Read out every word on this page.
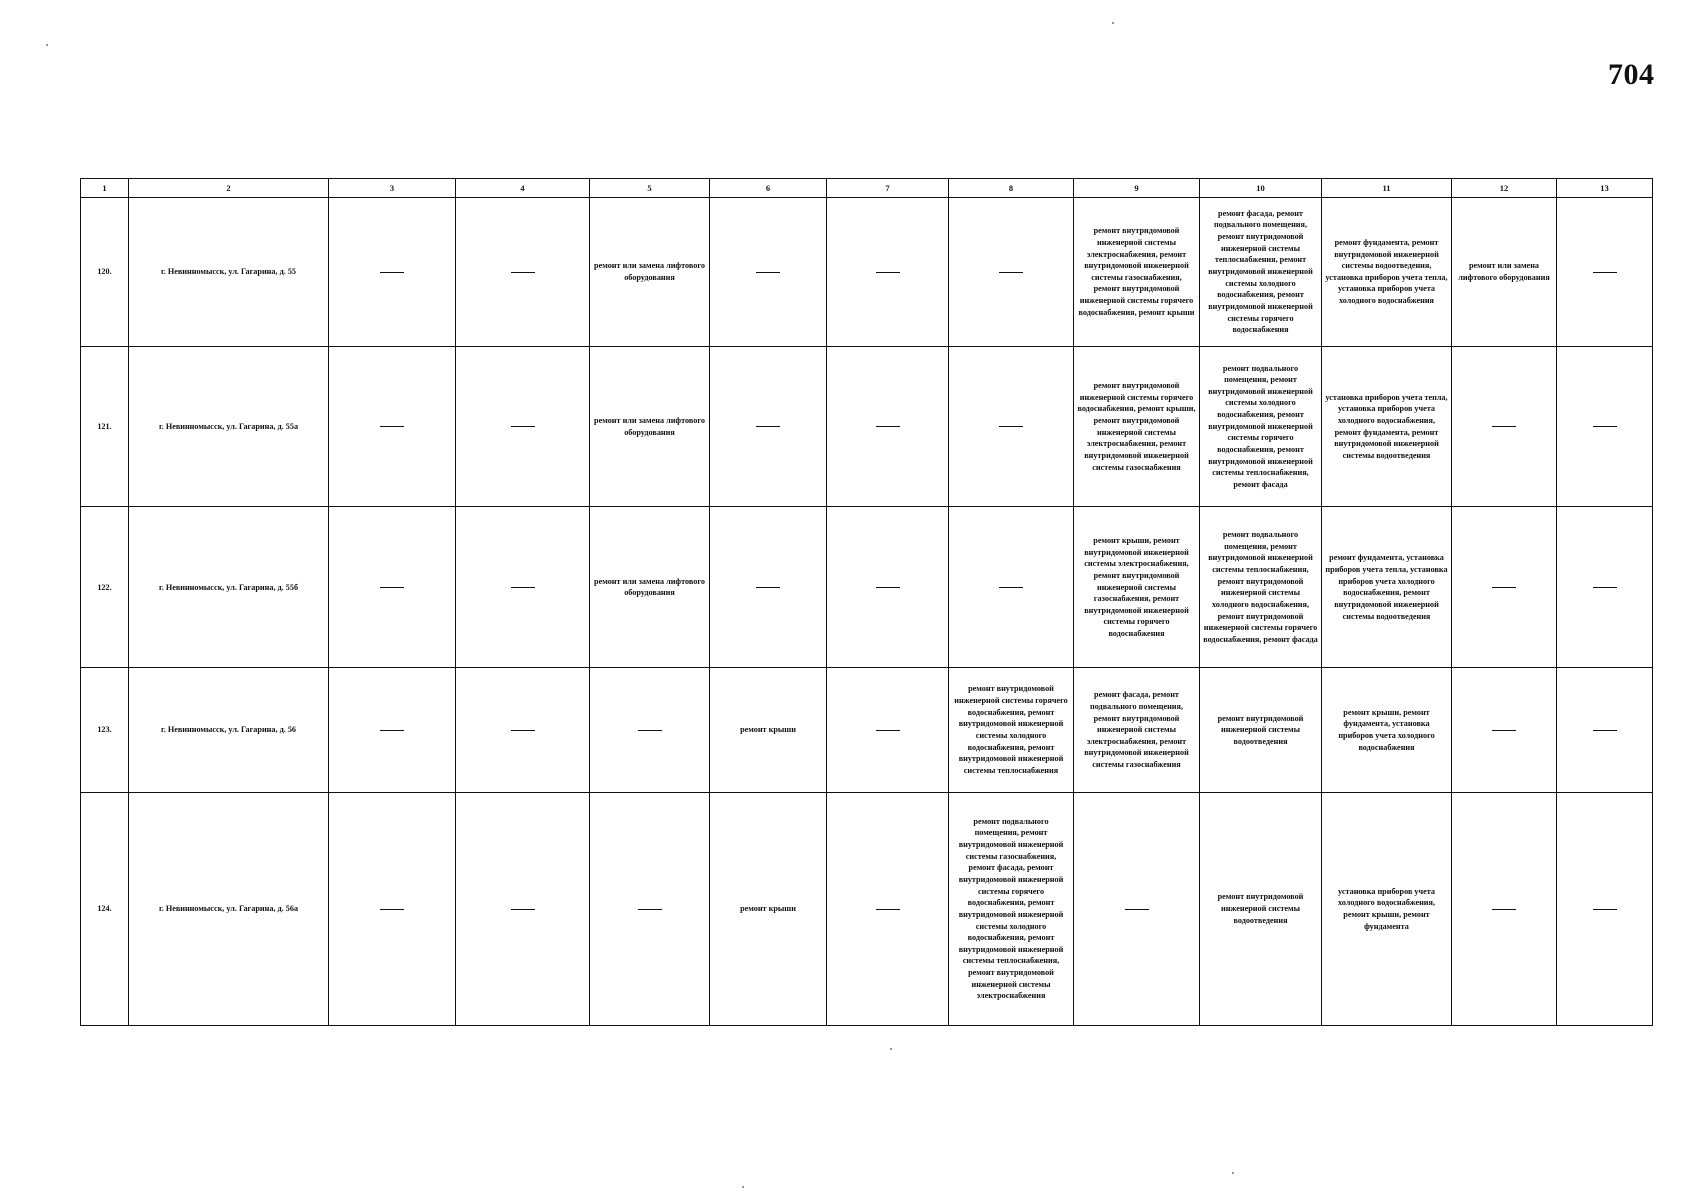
704
1	2	3	4	5	6	7	8	9	10	11	12	13
120.	г. Невинномысск, ул. Гагарина, д. 55			ремонт или замена лифтового оборудования				ремонт внутридомовой инженерной системы электроснабжения, ремонт внутридомовой инженерной системы газоснабжения, ремонт внутридомовой инженерной системы горячего водоснабжения, ремонт крыши	ремонт фасада, ремонт подвального помещения, ремонт внутридомовой инженерной системы теплоснабжения, ремонт внутридомовой инженерной системы холодного водоснабжения, ремонт внутридомовой инженерной системы горячего водоснабжения	ремонт фундамента, ремонт внутридомовой инженерной системы водоотведения, установка приборов учета тепла, установка приборов учета холодного водоснабжения	ремонт или замена лифтового оборудования	
121.	г. Невинномысск, ул. Гагарина, д. 55а			ремонт или замена лифтового оборудования				ремонт внутридомовой инженерной системы горячего водоснабжения, ремонт крыши, ремонт внутридомовой инженерной системы электроснабжения, ремонт внутридомовой инженерной системы газоснабжения	ремонт подвального помещения, ремонт внутридомовой инженерной системы холодного водоснабжения, ремонт внутридомовой инженерной системы горячего водоснабжения, ремонт внутридомовой инженерной системы теплоснабжения, ремонт фасада	установка приборов учета тепла, установка приборов учета холодного водоснабжения, ремонт фундамента, ремонт внутридомовой инженерной системы водоотведения		
122.	г. Невинномысск, ул. Гагарина, д. 55б			ремонт или замена лифтового оборудования				ремонт крыши, ремонт внутридомовой инженерной системы электроснабжения, ремонт внутридомовой инженерной системы газоснабжения, ремонт внутридомовой инженерной системы горячего водоснабжения	ремонт подвального помещения, ремонт внутридомовой инженерной системы теплоснабжения, ремонт внутридомовой инженерной системы холодного водоснабжения, ремонт внутридомовой инженерной системы горячего водоснабжения, ремонт фасада	ремонт фундамента, установка приборов учета тепла, установка приборов учета холодного водоснабжения, ремонт внутридомовой инженерной системы водоотведения		
123.	г. Невинномысск, ул. Гагарина, д. 56				ремонт крыши		ремонт внутридомовой инженерной системы горячего водоснабжения, ремонт внутридомовой инженерной системы холодного водоснабжения, ремонт внутридомовой инженерной системы теплоснабжения	ремонт фасада, ремонт подвального помещения, ремонт внутридомовой инженерной системы электроснабжения, ремонт внутридомовой инженерной системы газоснабжения	ремонт внутридомовой инженерной системы водоотведения	ремонт крыши, ремонт фундамента, установка приборов учета холодного водоснабжения		
124.	г. Невинномысск, ул. Гагарина, д. 56а				ремонт крыши		ремонт подвального помещения, ремонт внутридомовой инженерной системы газоснабжения, ремонт фасада, ремонт внутридомовой инженерной системы горячего водоснабжения, ремонт внутридомовой инженерной системы холодного водоснабжения, ремонт внутридомовой инженерной системы теплоснабжения, ремонт внутридомовой инженерной системы электроснабжения		ремонт внутридомовой инженерной системы водоотведения	установка приборов учета холодного водоснабжения, ремонт крыши, ремонт фундамента		
